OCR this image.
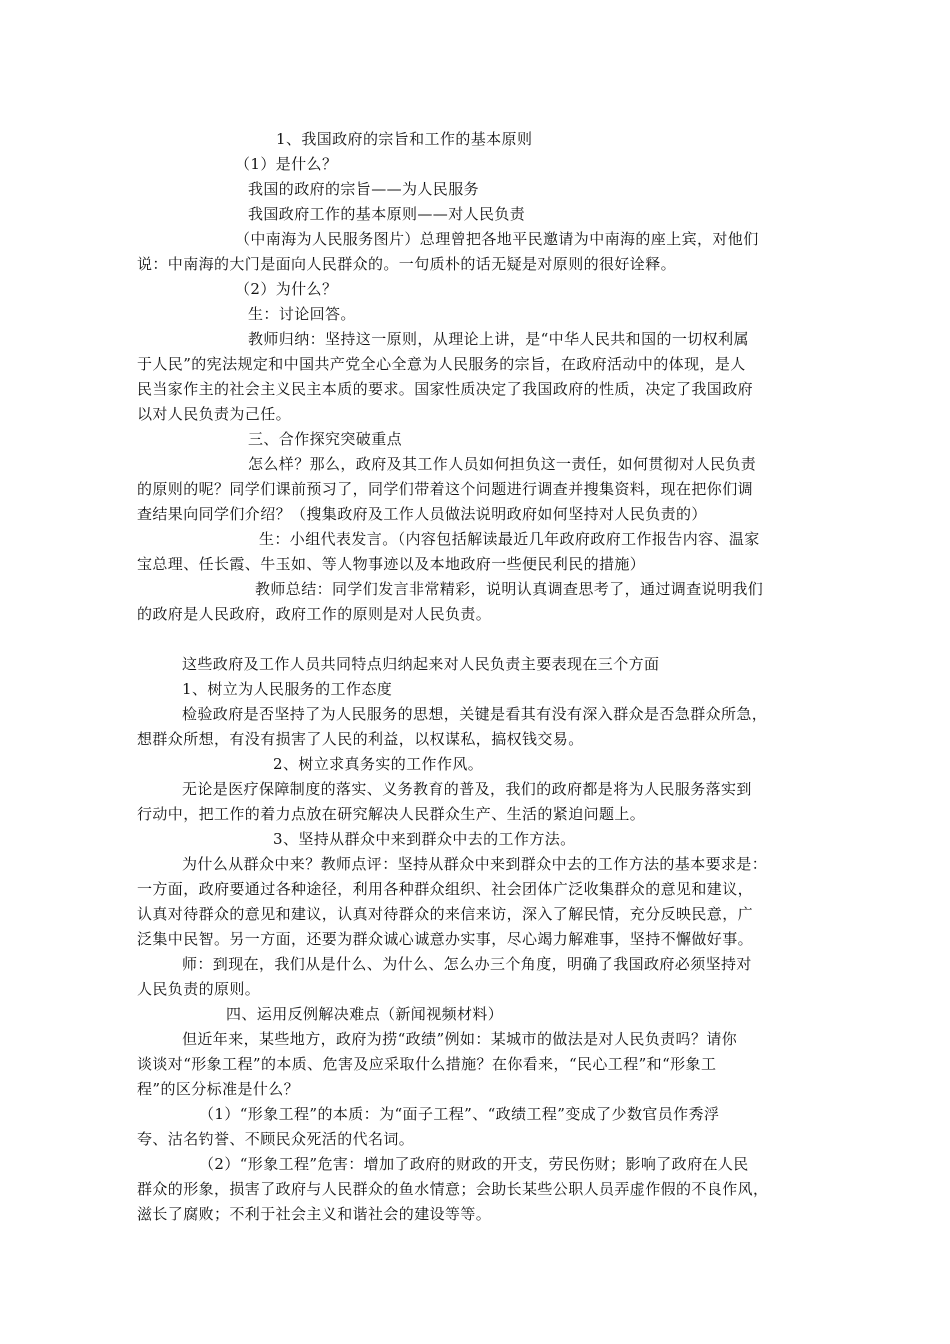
1、我国政府的宗旨和工作的基本原则
（1）是什么？
我国的政府的宗旨——为人民服务
我国政府工作的基本原则——对人民负责
（中南海为人民服务图片）总理曾把各地平民邀请为中南海的座上宾，对他们
说：中南海的大门是面向人民群众的。一句质朴的话无疑是对原则的很好诠释。
（2）为什么？
生：讨论回答。
教师归纳：坚持这一原则，从理论上讲，是“中华人民共和国的一切权利属
于人民”的宪法规定和中国共产党全心全意为人民服务的宗旨，在政府活动中的体现，是人
民当家作主的社会主义民主本质的要求。国家性质决定了我国政府的性质，决定了我国政府
以对人民负责为己任。
三、合作探究突破重点
怎么样？那么，政府及其工作人员如何担负这一责任，如何贯彻对人民负责
的原则的呢？同学们课前预习了，同学们带着这个问题进行调查并搜集资料，现在把你们调
查结果向同学们介绍？（搜集政府及工作人员做法说明政府如何坚持对人民负责的）
生：小组代表发言。（内容包括解读最近几年政府政府工作报告内容、温家
宝总理、任长霞、牛玉如、等人物事迹以及本地政府一些便民利民的措施）
教师总结：同学们发言非常精彩，说明认真调查思考了，通过调查说明我们
的政府是人民政府，政府工作的原则是对人民负责。
这些政府及工作人员共同特点归纳起来对人民负责主要表现在三个方面
1、树立为人民服务的工作态度
检验政府是否坚持了为人民服务的思想，关键是看其有没有深入群众是否急群众所急，
想群众所想，有没有损害了人民的利益，以权谋私，搞权钱交易。
2、树立求真务实的工作作风。
无论是医疗保障制度的落实、义务教育的普及，我们的政府都是将为人民服务落实到
行动中，把工作的着力点放在研究解决人民群众生产、生活的紧迫问题上。
3、坚持从群众中来到群众中去的工作方法。
为什么从群众中来？教师点评：坚持从群众中来到群众中去的工作方法的基本要求是：
一方面，政府要通过各种途径，利用各种群众组织、社会团体广泛收集群众的意见和建议，
认真对待群众的意见和建议，认真对待群众的来信来访，深入了解民情，充分反映民意，广
泛集中民智。另一方面，还要为群众诚心诚意办实事，尽心竭力解难事，坚持不懈做好事。
师：到现在，我们从是什么、为什么、怎么办三个角度，明确了我国政府必须坚持对
人民负责的原则。
四、运用反例解决难点（新闻视频材料）
但近年来，某些地方，政府为捞“政绩”例如：某城市的做法是对人民负责吗？请你
谈谈对“形象工程”的本质、危害及应采取什么措施？在你看来，“民心工程”和“形象工
程”的区分标准是什么？
（1）“形象工程”的本质：为“面子工程”、“政绩工程”变成了少数官员作秀浮
夸、沽名钓誉、不顾民众死活的代名词。
（2）“形象工程”危害：增加了政府的财政的开支，劳民伤财；影响了政府在人民
群众的形象，损害了政府与人民群众的鱼水情意；会助长某些公职人员弄虚作假的不良作风，
滋长了腐败；不利于社会主义和谐社会的建设等等。
